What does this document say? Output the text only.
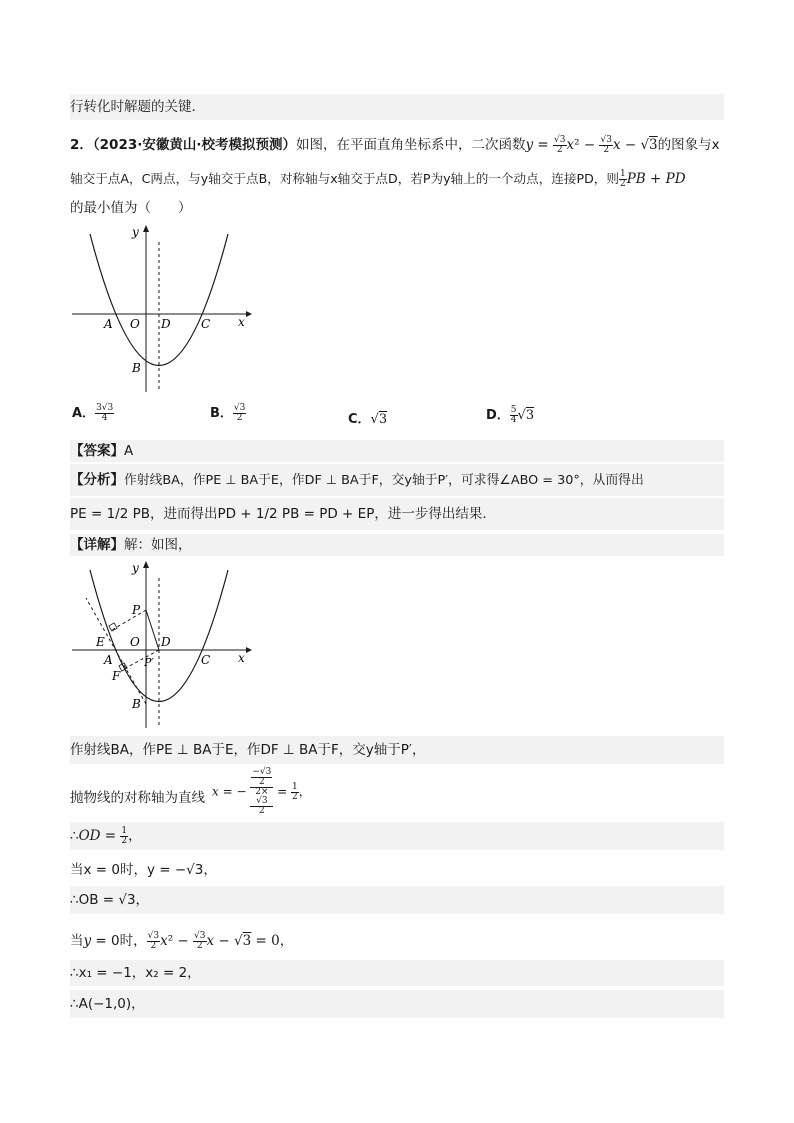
行转化时解题的关键．
2．（2023·安徽黄山·校考模拟预测）如图，在平面直角坐标系中，二次函数$y = \frac{√3}{2} x^2 - \frac{√3}{2}$ x − √3的图象与x
轴交于点A，C两点，与y轴交于点B，对称轴与x轴交于点D，若P为y轴上的一个动点，连接PD，则 $\frac{1}{2}$ PB + PD
的最小值为（　　）
y
x
O
A	D	C
B
A． $\frac{3√3}{4}$	B． $\frac{√3}{2}$	C．√3	D． $\frac{5}{4} √3$
【答案】A
【分析】作射线BA，作PE ⊥ BA于E，作DF ⊥ BA于F，交y轴于P′，可求得∠ABO = 30°，从而得出
PE = 1/2 PB，进而得出PD + 1/2 PB = PD + EP，进一步得出结果．
【详解】解：如图，
y
x
O
A
D
C
B
E
F
P
P′
作射线BA，作PE ⊥ BA于E，作DF ⊥ BA于F，交y轴于P′，
抛物线的对称轴为直线 x = − −√3
2
2×
√3
$2 = \frac{1}{2}$ ，
∴OD = $\frac{1}{2}$ ，
当x = 0时，y = −√3，
∴OB = √3，
当y = 0时， $\frac{√3}{2} x^2 - \frac{√3}{2}$ x − √3 = 0，
∴x₁ = −1，x₂ = 2，
∴A(−1,0)，
